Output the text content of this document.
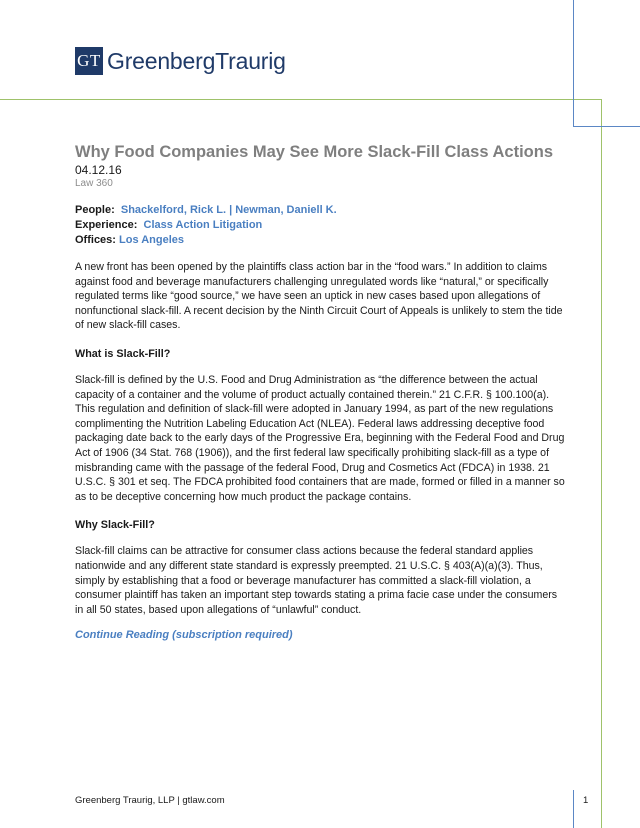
GT GreenbergTraurig
Why Food Companies May See More Slack-Fill Class Actions
04.12.16
Law 360
People: Shackelford, Rick L. | Newman, Daniell K.
Experience: Class Action Litigation
Offices: Los Angeles

A new front has been opened by the plaintiffs class action bar in the “food wars.” In addition to claims against food and beverage manufacturers challenging unregulated words like “natural,” or specifically regulated terms like “good source,” we have seen an uptick in new cases based upon allegations of nonfunctional slack-fill. A recent decision by the Ninth Circuit Court of Appeals is unlikely to stem the tide of new slack-fill cases.

What is Slack-Fill?

Slack-fill is defined by the U.S. Food and Drug Administration as “the difference between the actual capacity of a container and the volume of product actually contained therein.” 21 C.F.R. § 100.100(a). This regulation and definition of slack-fill were adopted in January 1994, as part of the new regulations complimenting the Nutrition Labeling Education Act (NLEA). Federal laws addressing deceptive food packaging date back to the early days of the Progressive Era, beginning with the Federal Food and Drug Act of 1906 (34 Stat. 768 (1906)), and the first federal law specifically prohibiting slack-fill as a type of misbranding came with the passage of the federal Food, Drug and Cosmetics Act (FDCA) in 1938. 21 U.S.C. § 301 et seq. The FDCA prohibited food containers that are made, formed or filled in a manner so as to be deceptive concerning how much product the package contains.

Why Slack-Fill?

Slack-fill claims can be attractive for consumer class actions because the federal standard applies nationwide and any different state standard is expressly preempted. 21 U.S.C. § 403(A)(a)(3). Thus, simply by establishing that a food or beverage manufacturer has committed a slack-fill violation, a consumer plaintiff has taken an important step towards stating a prima facie case under the consumers in all 50 states, based upon allegations of “unlawful” conduct.

Continue Reading (subscription required)
Greenberg Traurig, LLP | gtlaw.com	1
